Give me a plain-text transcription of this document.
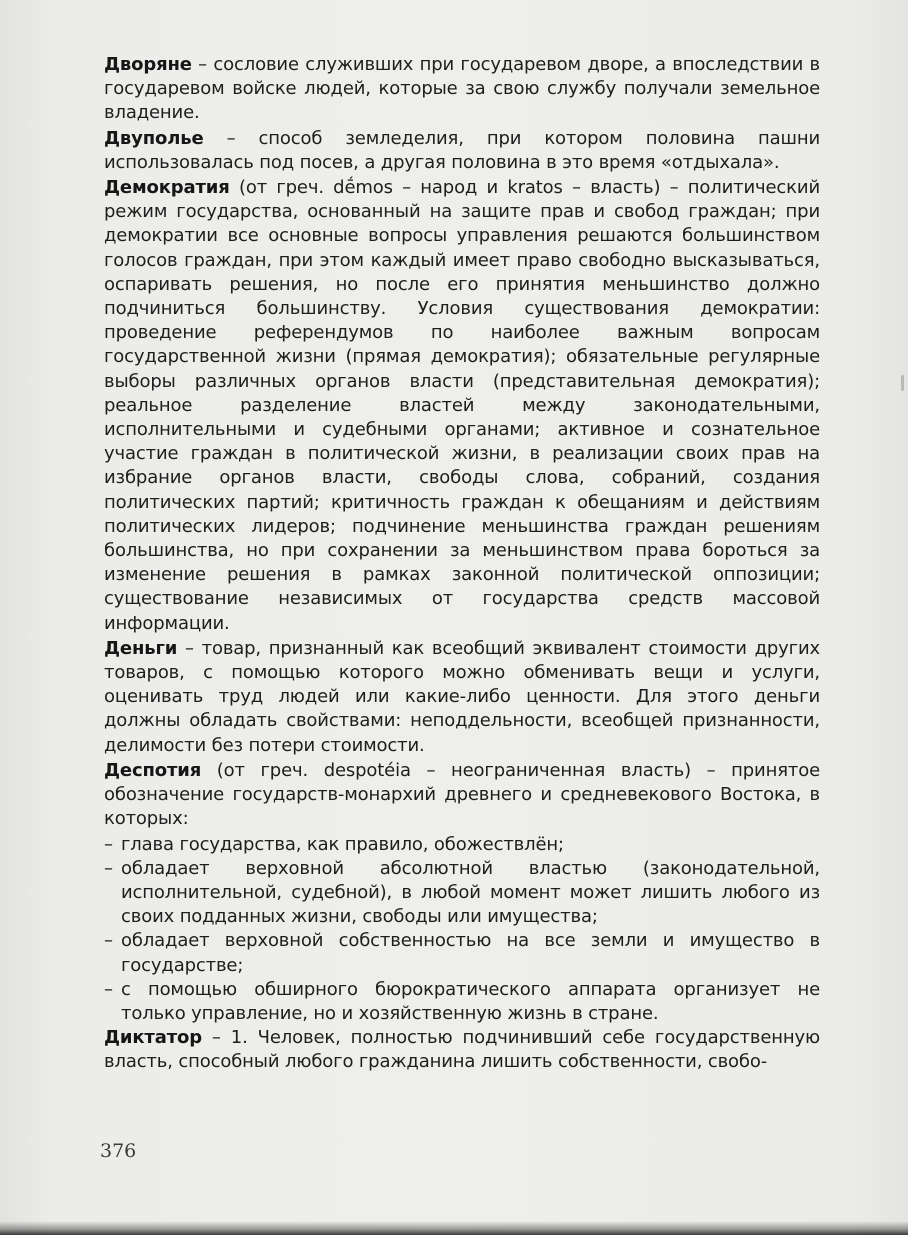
Дворяне – сословие служивших при государевом дворе, а впоследствии в государевом войске людей, которые за свою службу получали земельное владение.

Двуполье – способ земледелия, при котором половина пашни использовалась под посев, а другая половина в это время «отдыхала».

Демократия (от греч. dḗmos – народ и kratos – власть) – политический режим государства, основанный на защите прав и свобод граждан; при демократии все основные вопросы управления решаются большинством голосов граждан, при этом каждый имеет право свободно высказываться, оспаривать решения, но после его принятия меньшинство должно подчиниться большинству. Условия существования демократии: проведение референдумов по наиболее важным вопросам государственной жизни (прямая демократия); обязательные регулярные выборы различных органов власти (представительная демократия); реальное разделение властей между законодательными, исполнительными и судебными органами; активное и сознательное участие граждан в политической жизни, в реализации своих прав на избрание органов власти, свободы слова, собраний, создания политических партий; критичность граждан к обещаниям и действиям политических лидеров; подчинение меньшинства граждан решениям большинства, но при сохранении за меньшинством права бороться за изменение решения в рамках законной политической оппозиции; существование независимых от государства средств массовой информации.

Деньги – товар, признанный как всеобщий эквивалент стоимости других товаров, с помощью которого можно обменивать вещи и услуги, оценивать труд людей или какие-либо ценности. Для этого деньги должны обладать свойствами: неподдельности, всеобщей признанности, делимости без потери стоимости.

Деспотия (от греч. despotéia – неограниченная власть) – принятое обозначение государств-монархий древнего и средневекового Востока, в которых:

– глава государства, как правило, обожествлён;
– обладает верховной абсолютной властью (законодательной, исполнительной, судебной), в любой момент может лишить любого из своих подданных жизни, свободы или имущества;
– обладает верховной собственностью на все земли и имущество в государстве;
– с помощью обширного бюрократического аппарата организует не только управление, но и хозяйственную жизнь в стране.

Диктатор – 1. Человек, полностью подчинивший себе государственную власть, способный любого гражданина лишить собственности, свобо-

376
